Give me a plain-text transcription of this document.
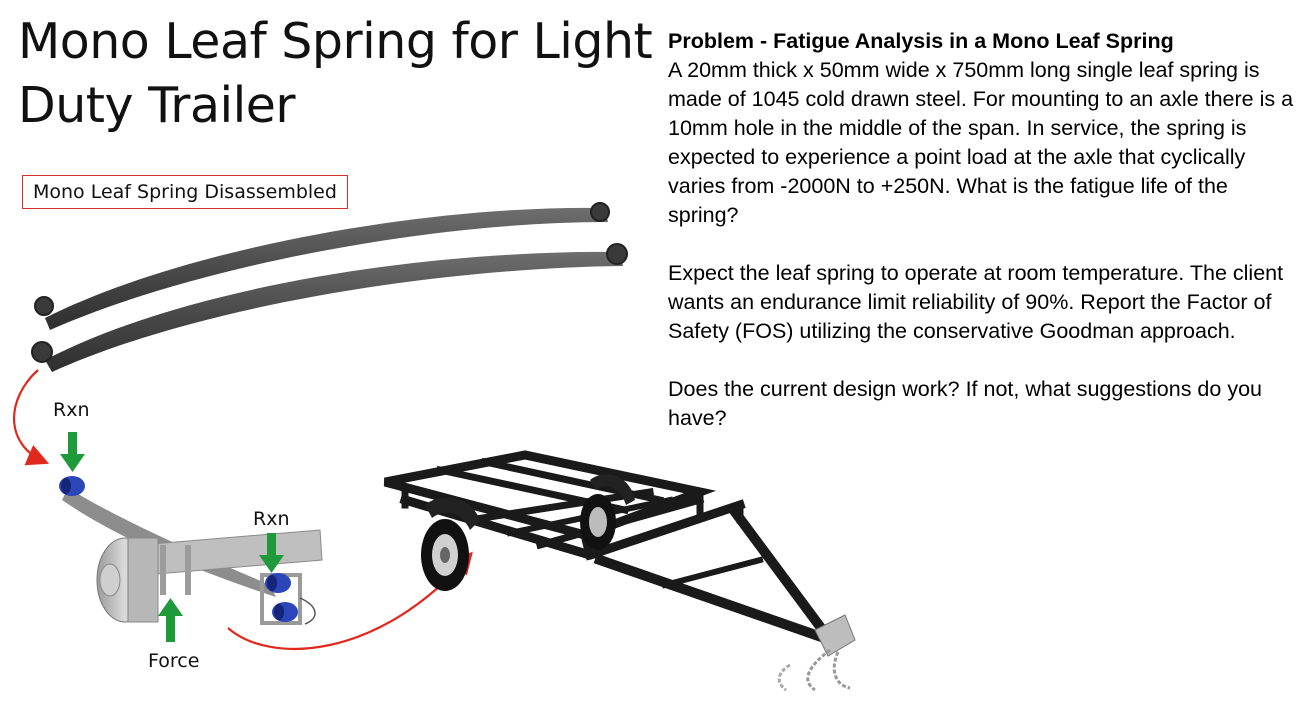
Mono Leaf Spring for Light Duty Trailer
Mono Leaf Spring Disassembled
Problem - Fatigue Analysis in a Mono Leaf Spring
A 20mm thick x 50mm wide x 750mm long single leaf spring is made of 1045 cold drawn steel. For mounting to an axle there is a 10mm hole in the middle of the span. In service, the spring is expected to experience a point load at the axle that cyclically varies from -2000N to +250N. What is the fatigue life of the spring?
Expect the leaf spring to operate at room temperature. The client wants an endurance limit reliability of 90%. Report the Factor of Safety (FOS) utilizing the conservative Goodman approach.
Does the current design work? If not, what suggestions do you have?
Rxn
Rxn
Force
